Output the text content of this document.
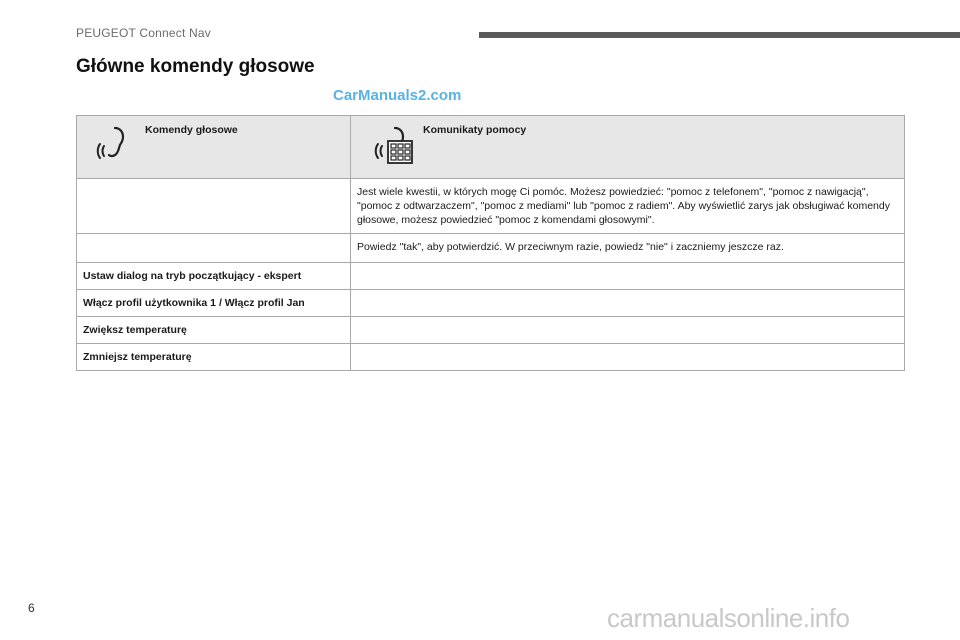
PEUGEOT Connect Nav
Główne komendy głosowe
CarManuals2.com
Komendy głosowe	Komunikaty pomocy

	Jest wiele kwestii, w których mogę Ci pomóc. Możesz powiedzieć: "pomoc z telefonem", "pomoc z nawigacją", "pomoc z odtwarzaczem", "pomoc z mediami" lub "pomoc z radiem". Aby wyświetlić zarys jak obsługiwać komendy głosowe, możesz powiedzieć "pomoc z komendami głosowymi".

	Powiedz "tak", aby potwierdzić. W przeciwnym razie, powiedz "nie" i zaczniemy jeszcze raz.

Ustaw dialog na tryb początkujący - ekspert	

Włącz profil użytkownika 1 / Włącz profil Jan	

Zwiększ temperaturę	

Zmniejsz temperaturę	

6	carmanualsonline.info
